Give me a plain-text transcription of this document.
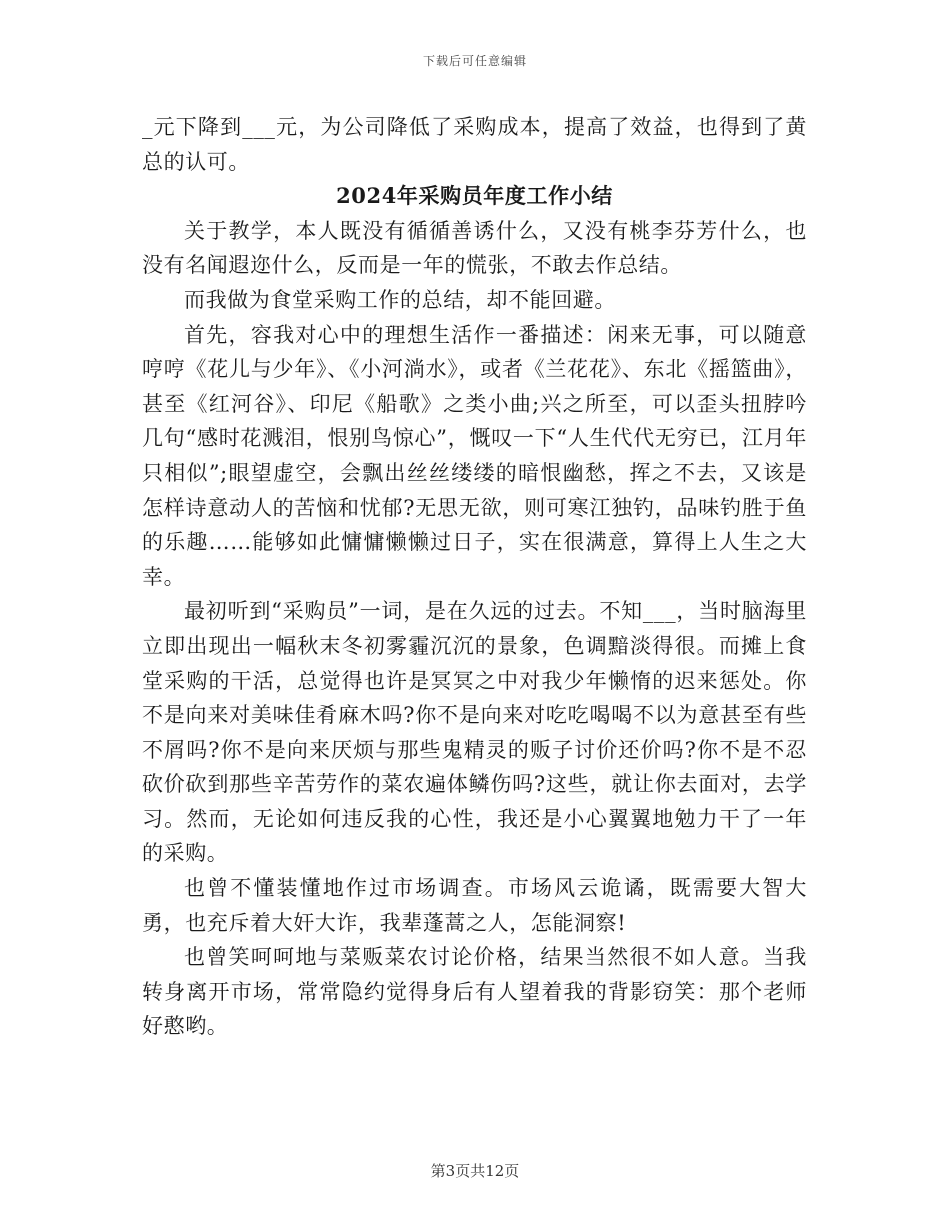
下载后可任意编辑

_元下降到___元，为公司降低了采购成本，提高了效益，也得到了黄总的认可。

2024年采购员年度工作小结

关于教学，本人既没有循循善诱什么，又没有桃李芬芳什么，也没有名闻遐迩什么，反而是一年的慌张，不敢去作总结。

而我做为食堂采购工作的总结，却不能回避。

首先，容我对心中的理想生活作一番描述：闲来无事，可以随意哼哼《花儿与少年》、《小河淌水》，或者《兰花花》、东北《摇篮曲》，甚至《红河谷》、印尼《船歌》之类小曲;兴之所至，可以歪头扭脖吟几句“感时花溅泪，恨别鸟惊心”，慨叹一下“人生代代无穷已，江月年只相似”;眼望虚空，会飘出丝丝缕缕的暗恨幽愁，挥之不去，又该是怎样诗意动人的苦恼和忧郁?无思无欲，则可寒江独钓，品味钓胜于鱼的乐趣……能够如此慵慵懒懒过日子，实在很满意，算得上人生之大幸。

最初听到“采购员”一词，是在久远的过去。不知___，当时脑海里立即出现出一幅秋末冬初雾霾沉沉的景象，色调黯淡得很。而摊上食堂采购的干活，总觉得也许是冥冥之中对我少年懒惰的迟来惩处。你不是向来对美味佳肴麻木吗?你不是向来对吃吃喝喝不以为意甚至有些不屑吗?你不是向来厌烦与那些鬼精灵的贩子讨价还价吗?你不是不忍砍价砍到那些辛苦劳作的菜农遍体鳞伤吗?这些，就让你去面对，去学习。然而，无论如何违反我的心性，我还是小心翼翼地勉力干了一年的采购。

也曾不懂装懂地作过市场调查。市场风云诡谲，既需要大智大勇，也充斥着大奸大诈，我辈蓬蒿之人，怎能洞察!

也曾笑呵呵地与菜贩菜农讨论价格，结果当然很不如人意。当我转身离开市场，常常隐约觉得身后有人望着我的背影窃笑：那个老师好憨哟。

第3页共12页
